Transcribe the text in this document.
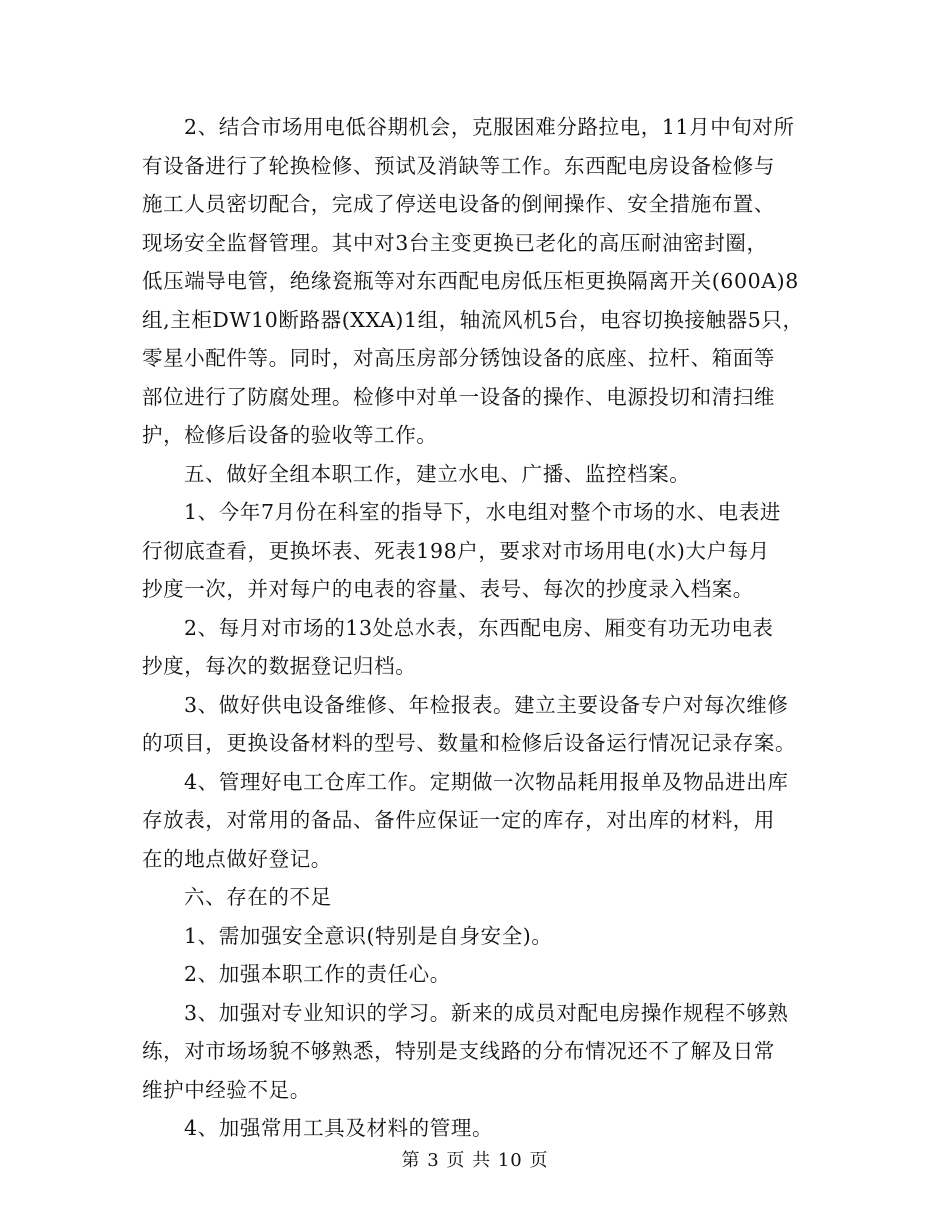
2、结合市场用电低谷期机会，克服困难分路拉电，11月中旬对所
有设备进行了轮换检修、预试及消缺等工作。东西配电房设备检修与
施工人员密切配合，完成了停送电设备的倒闸操作、安全措施布置、
现场安全监督管理。其中对3台主变更换已老化的高压耐油密封圈，
低压端导电管，绝缘瓷瓶等对东西配电房低压柜更换隔离开关(600A)8
组,主柜DW10断路器(XXA)1组，轴流风机5台，电容切换接触器5只，
零星小配件等。同时，对高压房部分锈蚀设备的底座、拉杆、箱面等
部位进行了防腐处理。检修中对单一设备的操作、电源投切和清扫维
护，检修后设备的验收等工作。
五、做好全组本职工作，建立水电、广播、监控档案。
1、今年7月份在科室的指导下，水电组对整个市场的水、电表进
行彻底查看，更换坏表、死表198户，要求对市场用电(水)大户每月
抄度一次，并对每户的电表的容量、表号、每次的抄度录入档案。
2、每月对市场的13处总水表，东西配电房、厢变有功无功电表
抄度，每次的数据登记归档。
3、做好供电设备维修、年检报表。建立主要设备专户对每次维修
的项目，更换设备材料的型号、数量和检修后设备运行情况记录存案。
4、管理好电工仓库工作。定期做一次物品耗用报单及物品进出库
存放表，对常用的备品、备件应保证一定的库存，对出库的材料，用
在的地点做好登记。
六、存在的不足
1、需加强安全意识(特别是自身安全)。
2、加强本职工作的责任心。
3、加强对专业知识的学习。新来的成员对配电房操作规程不够熟
练，对市场场貌不够熟悉，特别是支线路的分布情况还不了解及日常
维护中经验不足。
4、加强常用工具及材料的管理。
第 3 页 共 10 页
